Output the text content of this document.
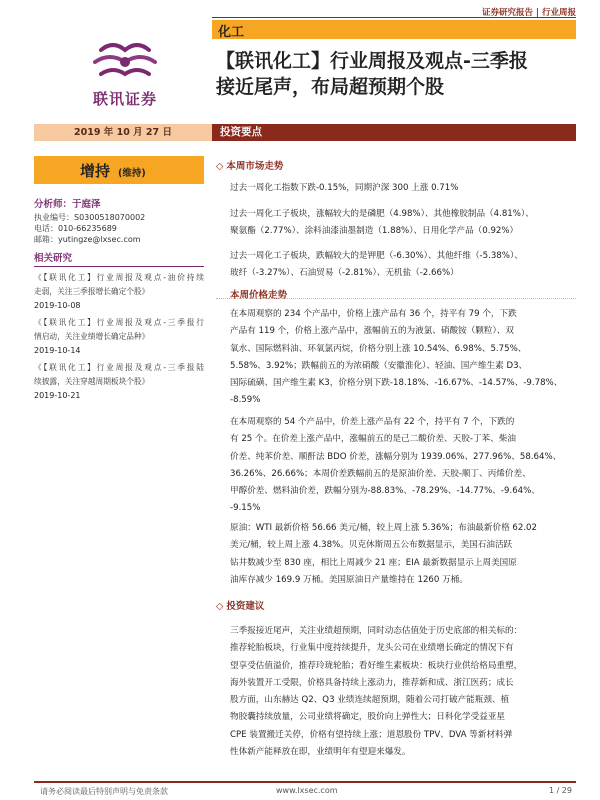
证券研究报告 | 行业周报
化工
联讯证券
【联讯化工】行业周报及观点-三季报
接近尾声，布局超预期个股
2019 年 10 月 27 日	投资要点
增持 (维持)
分析师：于庭泽
执业编号：S0300518070002
电话：010-66235689
邮箱：yutingze@lxsec.com
相关研究
《【联讯化工】行业周报及观点-油价持续
走弱，关注三季报增长确定个股》
2019-10-08
《【联讯化工】行业周报及观点-三季报行
情启动，关注业绩增长确定品种》
2019-10-14
《【联讯化工】行业周报及观点-三季报陆
续披露，关注穿越周期板块个股》
2019-10-21
◇ 本周市场走势
过去一周化工指数下跌-0.15%，同期沪深 300 上涨 0.71%
过去一周化工子板块，涨幅较大的是磷肥（4.98%）、其他橡胶制品（4.81%）、
聚氨酯（2.77%）、涂料油漆油墨制造（1.88%）、日用化学产品（0.92%）
过去一周化工子板块，跌幅较大的是钾肥（-6.30%）、其他纤维（-5.38%）、
玻纤（-3.27%）、石油贸易（-2.81%）、无机盐（-2.66%）
本周价格走势
在本周观察的 234 个产品中，价格上涨产品有 36 个，持平有 79 个，下跌
产品有 119 个，价格上涨产品中，涨幅前五的为液氯、硝酸铵（颗粒）、双
氧水、国际燃料油、环氧氯丙烷，价格分别上涨 10.54%、6.98%、5.75%、
5.58%、3.92%；跌幅前五的为浓硝酸（安徽淮化）、轻油、国产维生素 D3、
国际硫磺、国产维生素 K3，价格分别下跌-18.18%、-16.67%、-14.57%、-9.78%、
-8.59%
在本周观察的 54 个产品中，价差上涨产品有 22 个，持平有 7 个，下跌的
有 25 个。在价差上涨产品中，涨幅前五的是己二酸价差、天胶-丁苯、柴油
价差、纯苯价差、顺酐法 BDO 价差，涨幅分别为 1939.06%、277.96%、58.64%、
36.26%、26.66%；本周价差跌幅前五的是原油价差、天胶-顺丁、丙烯价差、
甲醇价差、燃料油价差，跌幅分别为-88.83%、-78.29%、-14.77%、-9.64%、
-9.15%
原油：WTI 最新价格 56.66 美元/桶，较上周上涨 5.36%；布油最新价格 62.02
美元/桶，较上周上涨 4.38%。贝克休斯周五公布数据显示，美国石油活跃
钻井数减少至 830 座，相比上周减少 21 座；EIA 最新数据显示上周美国原
油库存减少 169.9 万桶。美国原油日产量维持在 1260 万桶。
◇ 投资建议
三季报接近尾声，关注业绩超预期，同时动态估值处于历史底部的相关标的：
推荐轮胎板块，行业集中度持续提升，龙头公司在业绩增长确定的情况下有
望享受估值溢价，推荐玲珑轮胎；看好维生素板块：板块行业供给格局重塑，
海外装置开工受限，价格具备持续上涨动力，推荐新和成、浙江医药；成长
股方面，山东赫达 Q2、Q3 业绩连续超预期，随着公司打破产能瓶颈、植
物胶囊持续放量，公司业绩将确定，股价向上弹性大；日科化学受益亚星
CPE 装置搬迁关停，价格有望持续上涨；道恩股份 TPV、DVA 等新材料弹
性体新产能释放在即，业绩明年有望迎来爆发。
请务必阅读最后特别声明与免责条款	www.lxsec.com	1 / 29
